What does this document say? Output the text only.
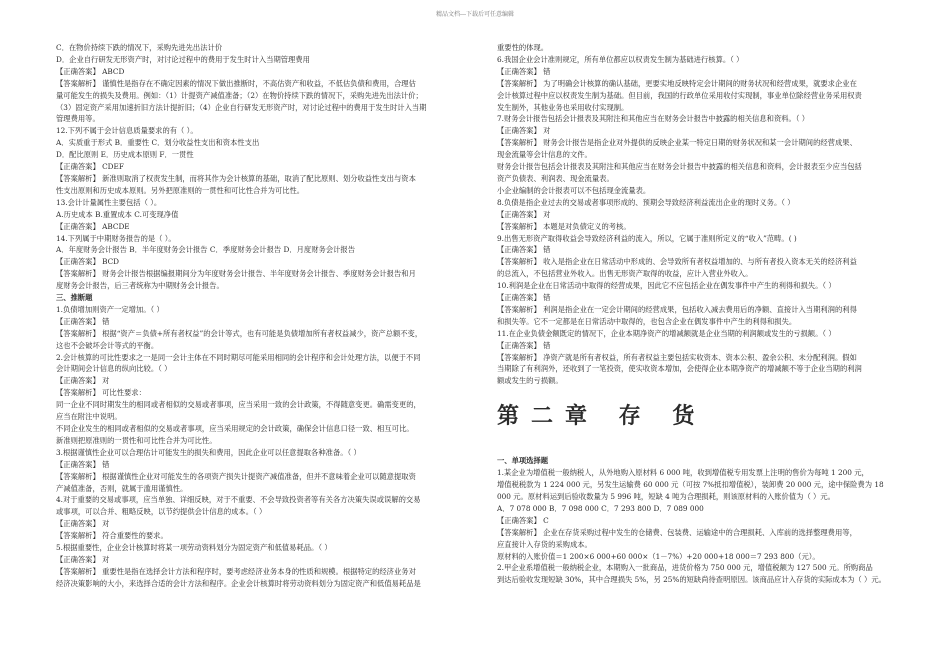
精品文档---下载后可任意编辑

C．在物价持续下跌的情况下，采购先进先出法计价

D．企业自行研发无形资产时，对讨论过程中的费用于发生时计入当期管理费用

【正确答案】 ABCD

【答案解析】 谨慎性是指存在不确定因素的情况下做出推断时，不高估资产和收益，不低估负债和费用，合理估

量可能发生的损失及费用。例如：（1）计提资产减值准备；（2）在物价持续下跌的情况下，采购先进先出法计价；

（3）固定资产采用加速折旧方法计提折旧；（4）企业自行研发无形资产时，对讨论过程中的费用于发生时计入当期

管理费用等。

12.下列不属于会计信息质量要求的有（ ）。

A．实质重于形式 B．重要性 C．划分收益性支出和资本性支出

D．配比原则 E．历史成本原则 F．一贯性

【正确答案】 CDEF

【答案解析】 新准则取消了权责发生制，而将其作为会计核算的基础，取消了配比原则、划分收益性支出与资本

性支出原则和历史成本原则。另外把原准则的一贯性和可比性合并为可比性。

13.会计计量属性主要包括（ ）。

A.历史成本 B.重置成本 C.可变现净值

【正确答案】 ABCDE

14.下列属于中期财务报告的是（ ）。

A．年度财务会计报告 B．半年度财务会计报告 C．季度财务会计报告 D．月度财务会计报告

【正确答案】 BCD

【答案解析】 财务会计报告根据编报期间分为年度财务会计报告、半年度财务会计报告、季度财务会计报告和月

度财务会计报告，后三者统称为中期财务会计报告。

三、推断题

1.负债增加则资产一定增加。（ ）

【正确答案】 错

【答案解析】 根据“资产＝负债+所有者权益”的会计等式，也有可能是负债增加所有者权益减少，资产总额不变，

这也不会破坏会计等式的平衡。

2.会计核算的可比性要求之一是同一会计主体在不同时期尽可能采用相同的会计程序和会计处理方法，以便于不同

会计期间会计信息的纵向比较。（ ）

【正确答案】 对

【答案解析】 可比性要求：

同一企业不同时期发生的相同或者相似的交易或者事项，应当采用一致的会计政策，不得随意变更。确需变更的，

应当在附注中说明。

不同企业发生的相同或者相似的交易或者事项，应当采用规定的会计政策，确保会计信息口径一致、相互可比。

新准则把原准则的一贯性和可比性合并为可比性。

3.根据谨慎性企业可以合理估计可能发生的损失和费用，因此企业可以任意提取各种准备。（ ）

【正确答案】 错

【答案解析】 根据谨慎性企业对可能发生的各项资产损失计提资产减值准备，但并不意味着企业可以随意提取资

产减值准备，否则，就属于滥用谨慎性。

4.对于重要的交易或事项，应当单独、详细反映，对于不重要、不会导致投资者等有关各方决策失误或误解的交易

或事项，可以合并、粗略反映，以节约提供会计信息的成本。（ ）

【正确答案】 对

【答案解析】 符合重要性的要求。

5.根据重要性，企业会计核算时将某一项劳动资料划分为固定资产和低值易耗品。（ ）

【正确答案】 对

【答案解析】 重要性是指在选择会计方法和程序时，要考虑经济业务本身的性质和规模。根据特定的经济业务对

经济决策影响的大小，来选择合适的会计方法和程序。企业会计核算时将劳动资料划分为固定资产和低值易耗品是

重要性的体现。

6.我国企业会计准则规定，所有单位都应以权责发生制为基础进行核算。（ ）

【正确答案】 错

【答案解析】 为了明确会计核算的确认基础，更要实地反映特定会计期间的财务状况和经营成果，就要求企业在

会计核算过程中应以权责发生制为基础。但目前，我国的行政单位采用收付实现制，事业单位除经营业务采用权责

发生制外，其他业务也采用收付实现制。

7.财务会计报告包括会计报表及其附注和其他应当在财务会计报告中披露的相关信息和资料。（ ）

【正确答案】 对

【答案解析】 财务会计报告是指企业对外提供的反映企业某一特定日期的财务状况和某一会计期间的经营成果、

现金流量等会计信息的文件。

财务会计报告包括会计报表及其附注和其他应当在财务会计报告中披露的相关信息和资料，会计报表至少应当包括

资产负债表、利润表、现金流量表。

小企业编制的会计报表可以不包括现金流量表。

8.负债是指企业过去的交易或者事项形成的、预期会导致经济利益流出企业的现时义务。（ ）

【正确答案】 对

【答案解析】 本题是对负债定义的考核。

9.出售无形资产取得收益会导致经济利益的流入，所以，它属于准则所定义的“收入”范畴。( )

【正确答案】 错

【答案解析】 收入是指企业在日常活动中形成的、会导致所有者权益增加的、与所有者投入资本无关的经济利益

的总流入，不包括营业外收入。出售无形资产取得的收益，应计入营业外收入。

10.利润是企业在日常活动中取得的经营成果，因此它不应包括企业在偶发事件中产生的利得和损失。（ ）

【正确答案】 错

【答案解析】 利润是指企业在一定会计期间的经营成果，包括收入减去费用后的净额、直接计入当期利润的利得

和损失等。它不一定都是在日常活动中取得的，也包含企业在偶发事件中产生的利得和损失。

11.在企业负债金额既定的情况下，企业本期净资产的增减额就是企业当期的利润额或发生的亏损额。（ ）

【正确答案】 错

【答案解析】 净资产就是所有者权益，所有者权益主要包括实收资本、资本公积、盈余公积、未分配利润。假如

当期除了有利润外，还收到了一笔投资，使实收资本增加，会使得企业本期净资产的增减额不等于企业当期的利润

额或发生的亏损额。

第二章 存 货

一、单项选择题

1.某企业为增值税一般纳税人，从外地购入原材料 6 000 吨，收到增值税专用发票上注明的售价为每吨 1 200 元，

增值税税款为 1 224 000 元，另发生运输费 60 000 元（可按 7%抵扣增值税），装卸费 20 000 元，途中保险费为 18

000 元。原材料运到后验收数量为 5 996 吨，短缺 4 吨为合理损耗，则该原材料的入账价值为（ ）元。

A．7 078 000 B．7 098 000 C．7 293 800 D．7 089 000

【正确答案】 C

【答案解析】 企业在存货采购过程中发生的仓储费、包装费、运输途中的合理损耗、入库前的选择整理费用等，

应直接计入存货的采购成本。

原材料的入账价值＝1 200×6 000+60 000×（1－7%）+20 000+18 000＝7 293 800（元）。

2.甲企业系增值税一般纳税企业，本期购入一批商品，进货价格为 750 000 元，增值税额为 127 500 元。所购商品

到达后验收发现短缺 30%，其中合理损失 5%，另 25%的短缺尚待查明原因。该商品应计入存货的实际成本为（ ）元。
